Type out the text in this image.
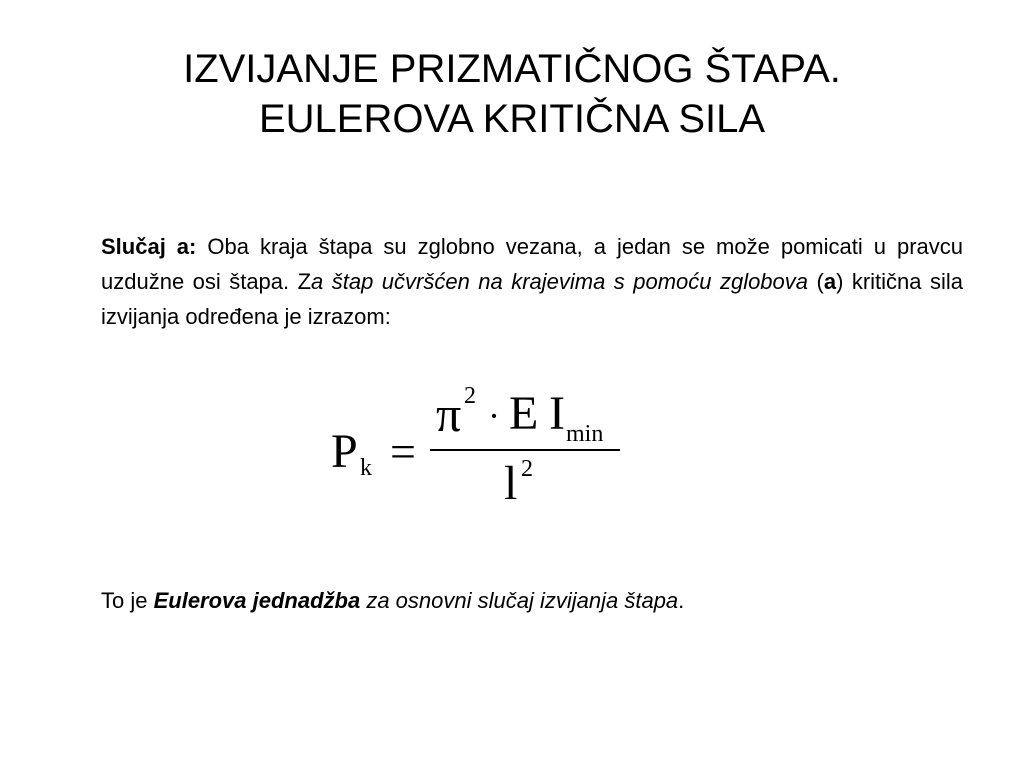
IZVIJANJE PRIZMATIČNOG ŠTAPA.
EULEROVA KRITIČNA SILA
Slučaj a: Oba kraja štapa su zglobno vezana, a jedan se može pomicati u pravcu uzdužne osi štapa. Za štap učvršćen na krajevima s pomoću zglobova (a) kritična sila izvijanja određena je izrazom:
P k =
π 2 · E I min
l 2
To je Eulerova jednadžba za osnovni slučaj izvijanja štapa.
